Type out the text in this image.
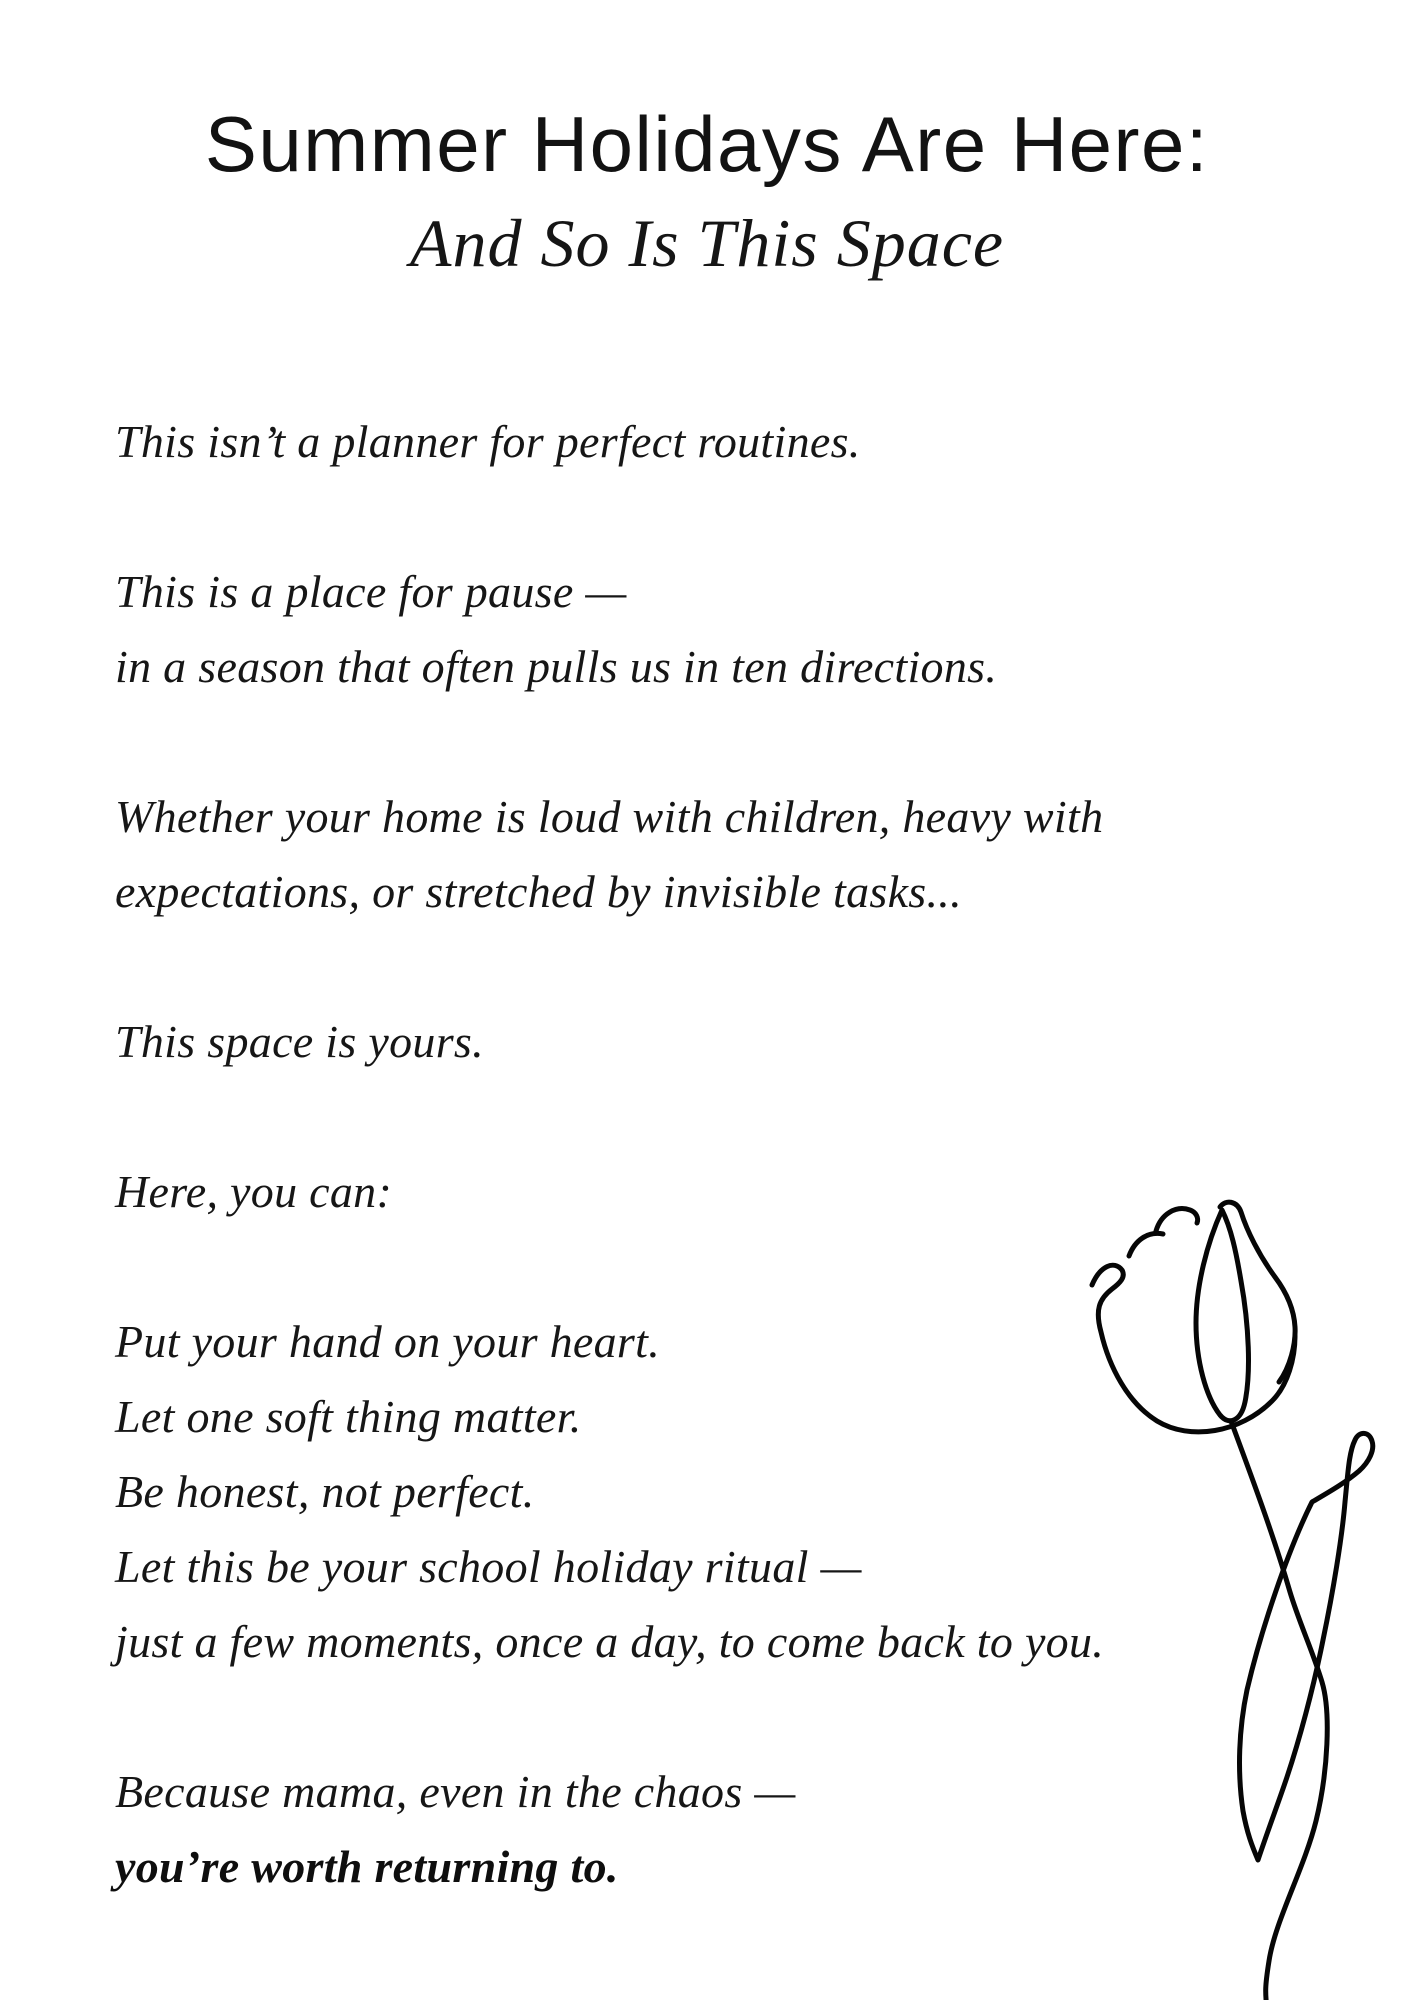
Summer Holidays Are Here:
And So Is This Space
This isn’t a planner for perfect routines.
This is a place for pause —
in a season that often pulls us in ten directions.
Whether your home is loud with children, heavy with
expectations, or stretched by invisible tasks...
This space is yours.
Here, you can:
Put your hand on your heart.
Let one soft thing matter.
Be honest, not perfect.
Let this be your school holiday ritual —
just a few moments, once a day, to come back to you.
Because mama, even in the chaos —
you’re worth returning to.
